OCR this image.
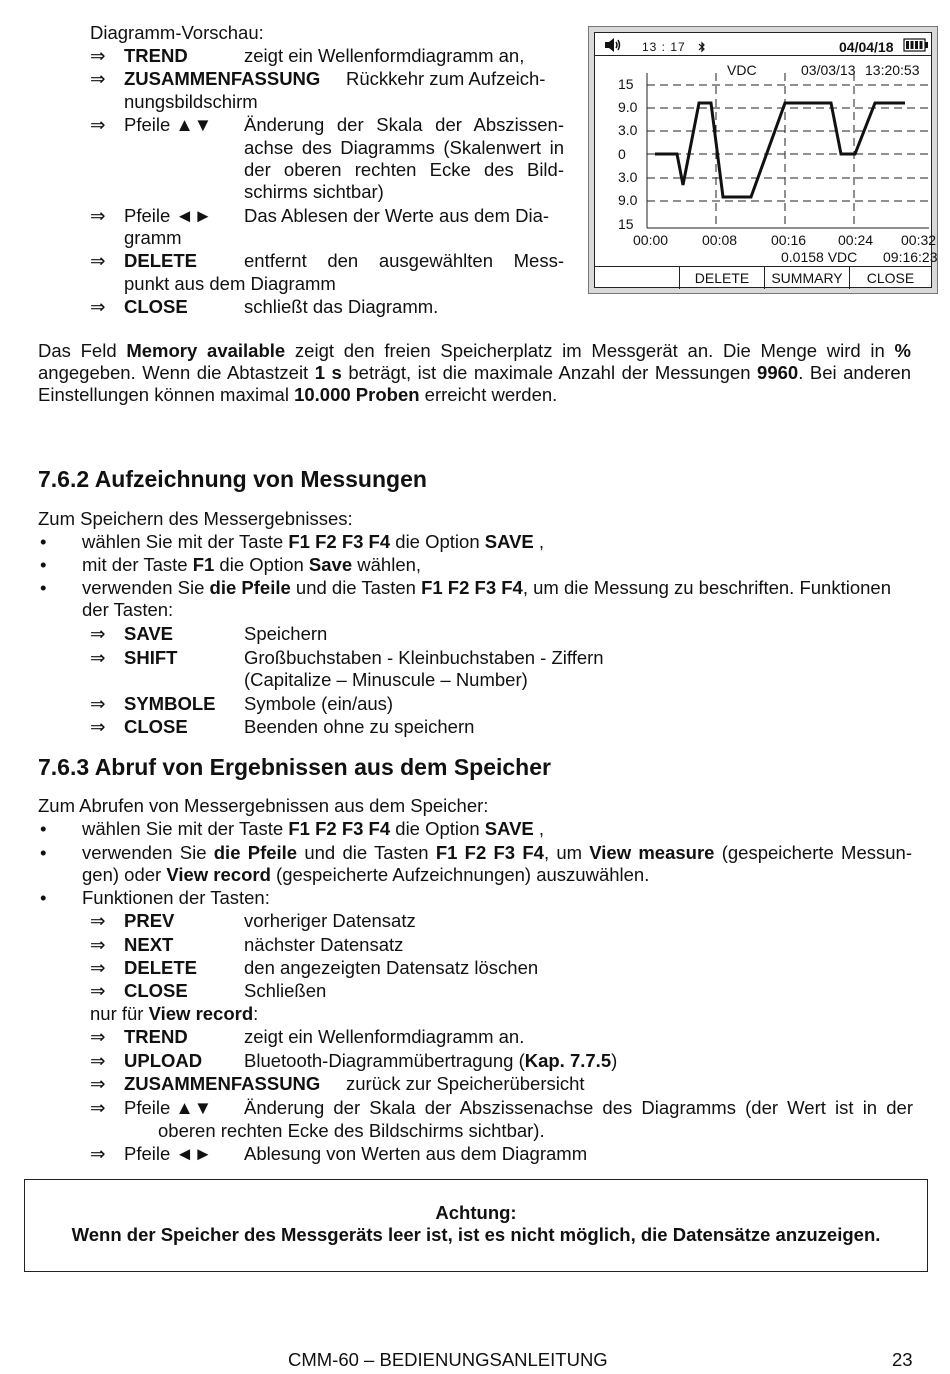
Diagramm-Vorschau:
⇒ TREND	zeigt ein Wellenformdiagramm an,
⇒ ZUSAMMENFASSUNG Rückkehr zum Aufzeich-
nungsbildschirm
⇒ Pfeile ▲▼ Änderung der Skala der Abszissen-
achse des Diagramms (Skalenwert in
der oberen rechten Ecke des Bild-
schirms sichtbar)
⇒ Pfeile ◄► Das Ablesen der Werte aus dem Dia-
gramm
⇒ DELETE	entfernt den ausgewählten Mess-
punkt aus dem Diagramm
⇒ CLOSE	schließt das Diagramm.
13 : 17	04/04/18
VDC	03/03/13 13:20:53
15
9.0
3.0
0
3.0
9.0
15
00:00 00:08 00:16 00:24 00:32
0.0158 VDC 09:16:23
DELETE	SUMMARY	CLOSE
Das Feld Memory available zeigt den freien Speicherplatz im Messgerät an. Die Menge wird in %
angegeben. Wenn die Abtastzeit 1 s beträgt, ist die maximale Anzahl der Messungen 9960. Bei anderen
Einstellungen können maximal 10.000 Proben erreicht werden.
7.6.2 Aufzeichnung von Messungen
Zum Speichern des Messergebnisses:
• wählen Sie mit der Taste F1 F2 F3 F4 die Option SAVE ,
• mit der Taste F1 die Option Save wählen,
• verwenden Sie die Pfeile und die Tasten F1 F2 F3 F4, um die Messung zu beschriften. Funktionen
der Tasten:
⇒ SAVE	Speichern
⇒ SHIFT	Großbuchstaben - Kleinbuchstaben - Ziffern
(Capitalize – Minuscule – Number)
⇒ SYMBOLE Symbole (ein/aus)
⇒ CLOSE	Beenden ohne zu speichern
7.6.3 Abruf von Ergebnissen aus dem Speicher
Zum Abrufen von Messergebnissen aus dem Speicher:
• wählen Sie mit der Taste F1 F2 F3 F4 die Option SAVE ,
• verwenden Sie die Pfeile und die Tasten F1 F2 F3 F4, um View measure (gespeicherte Messun-
gen) oder View record (gespeicherte Aufzeichnungen) auszuwählen.
• Funktionen der Tasten:
⇒ PREV	vorheriger Datensatz
⇒ NEXT	nächster Datensatz
⇒ DELETE	den angezeigten Datensatz löschen
⇒ CLOSE	Schließen
nur für View record:
⇒ TREND	zeigt ein Wellenformdiagramm an.
⇒ UPLOAD Bluetooth-Diagrammübertragung (Kap. 7.7.5)
⇒ ZUSAMMENFASSUNG zurück zur Speicherübersicht
⇒ Pfeile ▲▼ Änderung der Skala der Abszissenachse des Diagramms (der Wert ist in der
oberen rechten Ecke des Bildschirms sichtbar).
⇒ Pfeile ◄► Ablesung von Werten aus dem Diagramm
Achtung:
Wenn der Speicher des Messgeräts leer ist, ist es nicht möglich, die Datensätze anzuzeigen.
CMM-60 – BEDIENUNGSANLEITUNG	23
